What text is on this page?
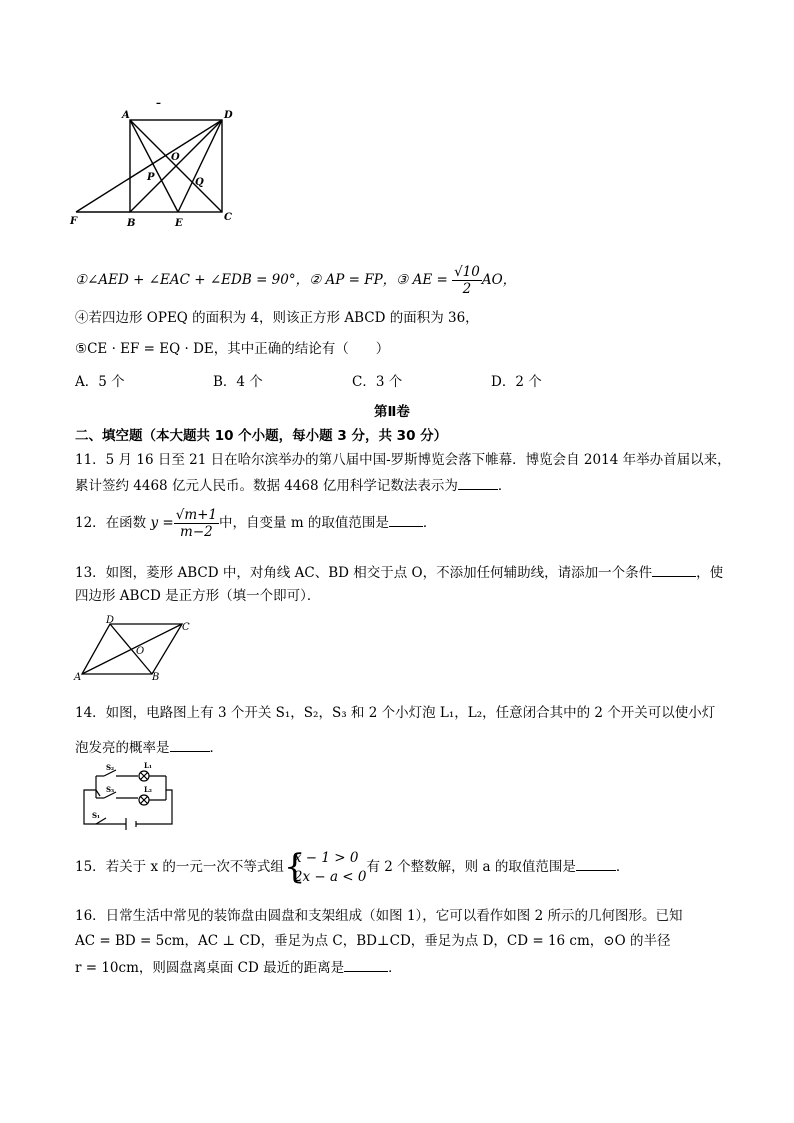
A
–
D
O
P	Q
F	B	E
C
①∠AED + ∠EAC + ∠EDB = 90°，② AP = FP，③ AE = $\frac{√10}{2}$ AO，
④若四边形 OPEQ 的面积为 4，则该正方形 ABCD 的面积为 36，
⑤CE · EF = EQ · DE，其中正确的结论有（　　）
A．5 个	B．4 个	C．3 个	D．2 个
第Ⅱ卷
二、填空题（本大题共 10 个小题，每小题 3 分，共 30 分）
11．5 月 16 日至 21 日在哈尔滨举办的第八届中国-罗斯博览会落下帷幕．博览会自 2014 年举办首届以来，
累计签约 4468 亿元人民币。数据 4468 亿用科学记数法表示为	．
12．在函数 $y = \frac{√m+1}{m-2}$ 中，自变量 m 的取值范围是	．
13．如图，菱形 ABCD 中，对角线 AC、BD 相交于点 O，不添加任何辅助线，请添加一个条件	，使
四边形 ABCD 是正方形（填一个即可）．
D
C
O
A	B
14．如图，电路图上有 3 个开关 S₁，S₂，S₃ 和 2 个小灯泡 L₁，L₂，任意闭合其中的 2 个开关可以使小灯
泡发亮的概率是	．
S₂	L₁
S₃	L₂
S₁
15．若关于 x 的一元一次不等式组 {
x − 1 > 0
2x − a < 0
有 2 个整数解，则 a 的取值范围是	．
16．日常生活中常见的装饰盘由圆盘和支架组成（如图 1），它可以看作如图 2 所示的几何图形。已知
AC = BD = 5cm，AC ⊥ CD，垂足为点 C，BD⊥CD，垂足为点 D，CD = 16 cm，⊙O 的半径
r = 10cm，则圆盘离桌面 CD 最近的距离是	．
